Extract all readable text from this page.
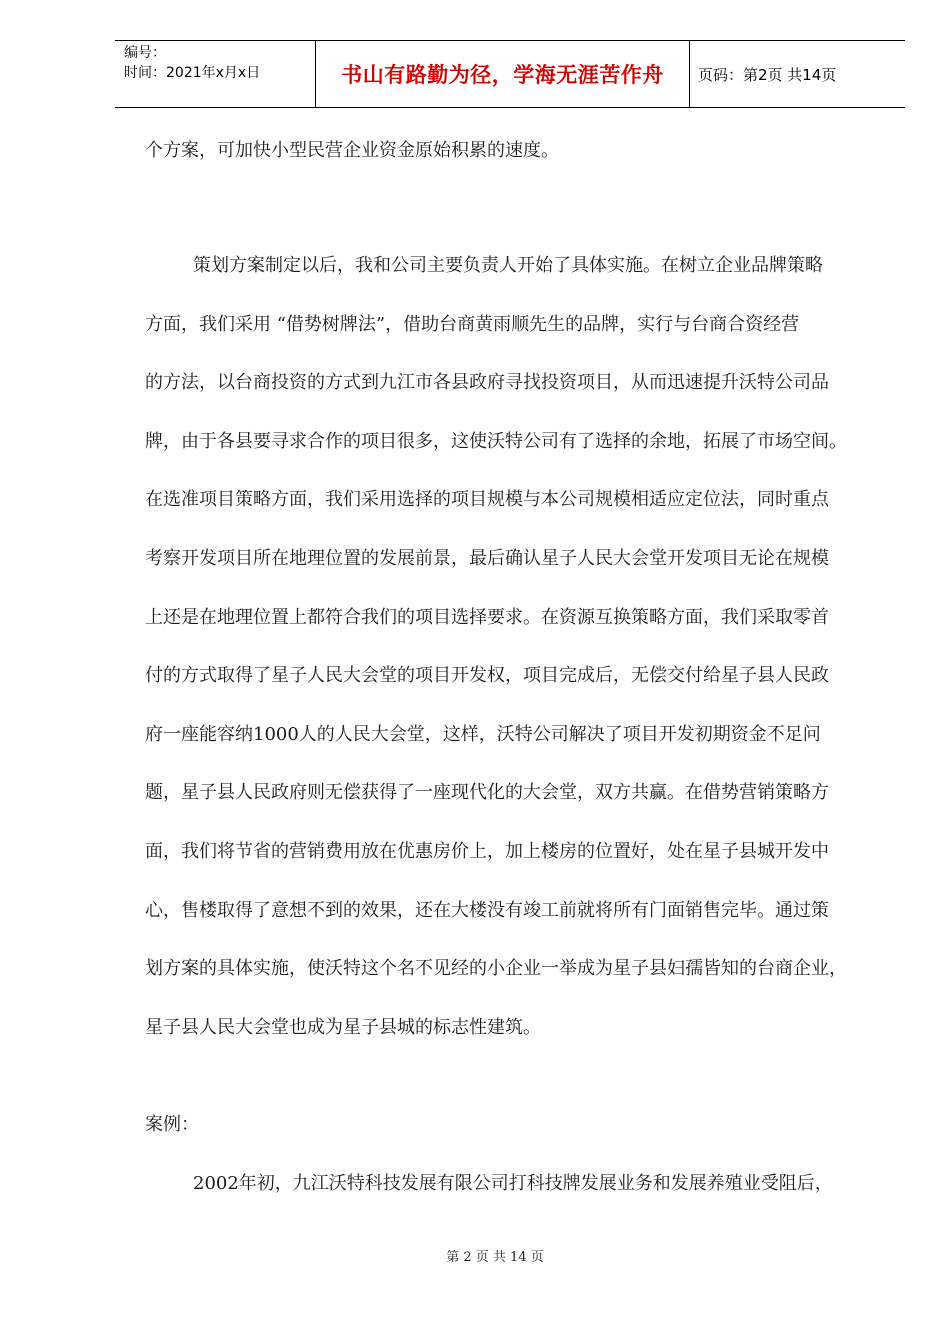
编号：
时间：2021年x月x日	书山有路勤为径，学海无涯苦作舟	页码：第2页 共14页
个方案，可加快小型民营企业资金原始积累的速度。
策划方案制定以后，我和公司主要负责人开始了具体实施。在树立企业品牌策略
方面，我们采用 “借势树牌法”，借助台商黄雨顺先生的品牌，实行与台商合资经营
的方法，以台商投资的方式到九江市各县政府寻找投资项目，从而迅速提升沃特公司品
牌，由于各县要寻求合作的项目很多，这使沃特公司有了选择的余地，拓展了市场空间。
在选准项目策略方面，我们采用选择的项目规模与本公司规模相适应定位法，同时重点
考察开发项目所在地理位置的发展前景，最后确认星子人民大会堂开发项目无论在规模
上还是在地理位置上都符合我们的项目选择要求。在资源互换策略方面，我们采取零首
付的方式取得了星子人民大会堂的项目开发权，项目完成后，无偿交付给星子县人民政
府一座能容纳1000人的人民大会堂，这样，沃特公司解决了项目开发初期资金不足问
题，星子县人民政府则无偿获得了一座现代化的大会堂，双方共赢。在借势营销策略方
面，我们将节省的营销费用放在优惠房价上，加上楼房的位置好，处在星子县城开发中
心，售楼取得了意想不到的效果，还在大楼没有竣工前就将所有门面销售完毕。通过策
划方案的具体实施，使沃特这个名不见经的小企业一举成为星子县妇孺皆知的台商企业，
星子县人民大会堂也成为星子县城的标志性建筑。
案例：
2002年初，九江沃特科技发展有限公司打科技牌发展业务和发展养殖业受阻后，
第 2 页 共 14 页
